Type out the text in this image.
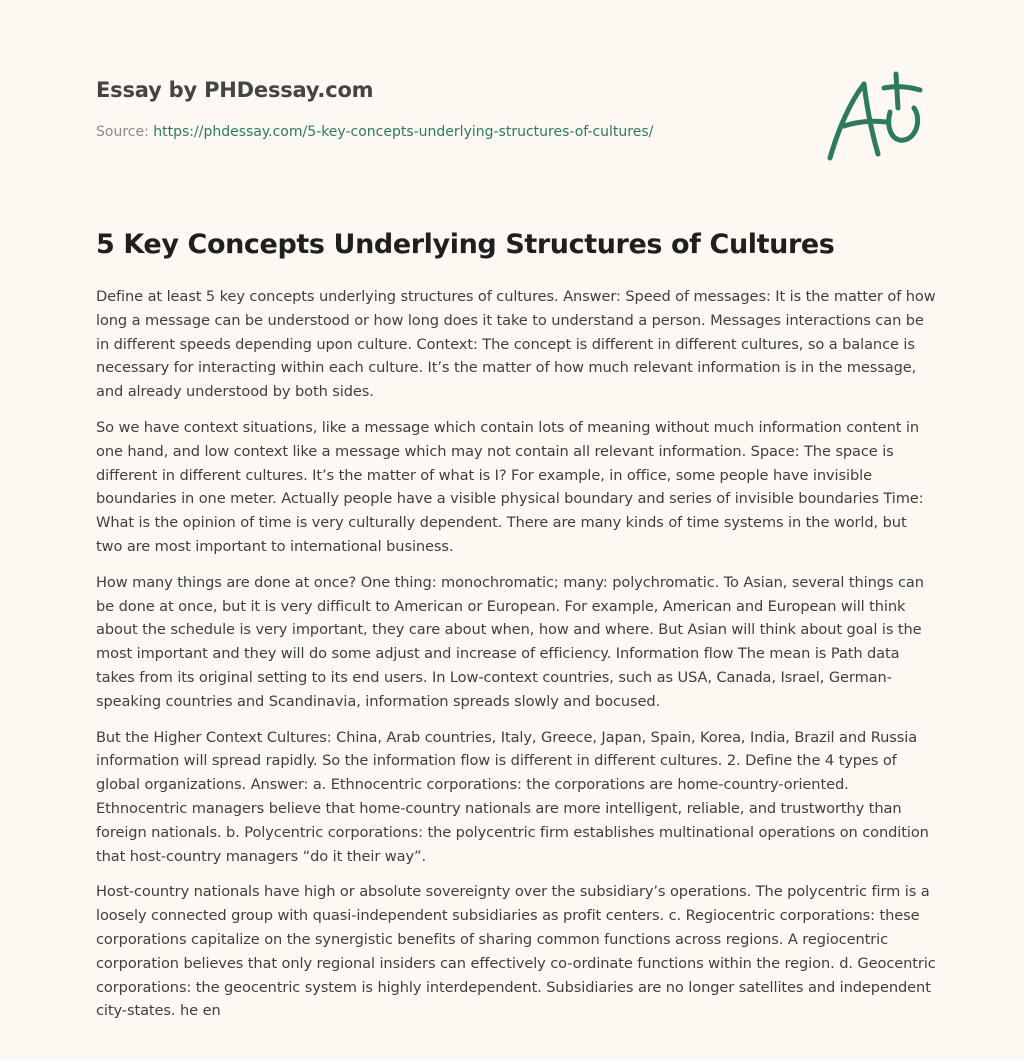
Essay by PHDessay.com
Source: https://phdessay.com/5-key-concepts-underlying-structures-of-cultures/
5 Key Concepts Underlying Structures of Cultures

Define at least 5 key concepts underlying structures of cultures. Answer: Speed of messages: It is the matter of how long a message can be understood or how long does it take to understand a person. Messages interactions can be in different speeds depending upon culture. Context: The concept is different in different cultures, so a balance is necessary for interacting within each culture. It’s the matter of how much relevant information is in the message, and already understood by both sides.

So we have context situations, like a message which contain lots of meaning without much information content in one hand, and low context like a message which may not contain all relevant information. Space: The space is different in different cultures. It’s the matter of what is I? For example, in office, some people have invisible boundaries in one meter. Actually people have a visible physical boundary and series of invisible boundaries Time: What is the opinion of time is very culturally dependent. There are many kinds of time systems in the world, but two are most important to international business.

How many things are done at once? One thing: monochromatic; many: polychromatic. To Asian, several things can be done at once, but it is very difficult to American or European. For example, American and European will think about the schedule is very important, they care about when, how and where. But Asian will think about goal is the most important and they will do some adjust and increase of efficiency. Information flow The mean is Path data takes from its original setting to its end users. In Low-context countries, such as USA, Canada, Israel, German-speaking countries and Scandinavia, information spreads slowly and bocused.

But the Higher Context Cultures: China, Arab countries, Italy, Greece, Japan, Spain, Korea, India, Brazil and Russia information will spread rapidly. So the information flow is different in different cultures. 2. Define the 4 types of global organizations. Answer: a. Ethnocentric corporations: the corporations are home-country-oriented. Ethnocentric managers believe that home-country nationals are more intelligent, reliable, and trustworthy than foreign nationals. b. Polycentric corporations: the polycentric firm establishes multinational operations on condition that host-country managers “do it their way”.

Host-country nationals have high or absolute sovereignty over the subsidiary’s operations. The polycentric firm is a loosely connected group with quasi-independent subsidiaries as profit centers. c. Regiocentric corporations: these corporations capitalize on the synergistic benefits of sharing common functions across regions. A regiocentric corporation believes that only regional insiders can effectively co-ordinate functions within the region. d. Geocentric corporations: the geocentric system is highly interdependent. Subsidiaries are no longer satellites and independent city-states. he en
